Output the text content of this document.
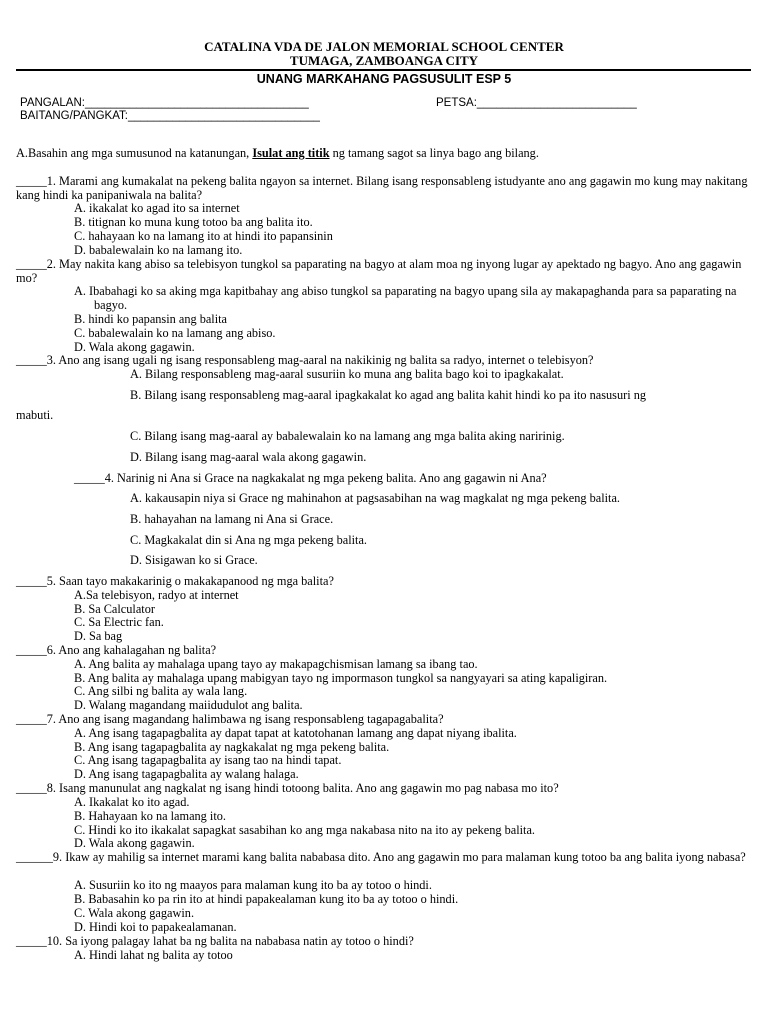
CATALINA VDA DE JALON MEMORIAL SCHOOL CENTER
TUMAGA, ZAMBOANGA CITY
UNANG MARKAHANG PAGSUSULIT ESP 5
PANGALAN:___________________________________	PETSA:_________________________
BAITANG/PANGKAT:______________________________
A.Basahin ang mga sumusunod na katanungan, Isulat ang titik ng tamang sagot sa linya bago ang bilang.
_____1. Marami ang kumakalat na pekeng balita ngayon sa internet. Bilang isang responsableng istudyante ano ang gagawin mo kung may nakitang kang hindi ka panipaniwala na balita?
A. ikakalat ko agad ito sa internet
B. titignan ko muna kung totoo ba ang balita ito.
C. hahayaan ko na lamang ito at hindi ito papansinin
D. babalewalain ko na lamang ito.
_____2. May nakita kang abiso sa telebisyon tungkol sa paparating na bagyo at alam moa ng inyong lugar ay apektado ng bagyo. Ano ang gagawin mo?
A. Ibabahagi ko sa aking mga kapitbahay ang abiso tungkol sa paparating na bagyo upang sila ay makapaghanda para sa paparating na bagyo.
B. hindi ko papansin ang balita
C. babalewalain ko na lamang ang abiso.
D. Wala akong gagawin.
_____3. Ano ang isang ugali ng isang responsableng mag-aaral na nakikinig ng balita sa radyo, internet o telebisyon?
A. Bilang responsableng mag-aaral susuriin ko muna ang balita bago koi to ipagkakalat.
B. Bilang isang responsableng mag-aaral ipagkakalat ko agad ang balita kahit hindi ko pa ito nasusuri ng
mabuti.
C. Bilang isang mag-aaral ay babalewalain ko na lamang ang mga balita aking naririnig.
D. Bilang isang mag-aaral wala akong gagawin.
_____4. Narinig ni Ana si Grace na nagkakalat ng mga pekeng balita. Ano ang gagawin ni Ana?
A. kakausapin niya si Grace ng mahinahon at pagsasabihan na wag magkalat ng mga pekeng balita.
B. hahayahan na lamang ni Ana si Grace.
C. Magkakalat din si Ana ng mga pekeng balita.
D. Sisigawan ko si Grace.
_____5. Saan tayo makakarinig o makakapanood ng mga balita?
A.Sa telebisyon, radyo at internet
B. Sa Calculator
C. Sa Electric fan.
D. Sa bag
_____6. Ano ang kahalagahan ng balita?
A. Ang balita ay mahalaga upang tayo ay makapagchismisan lamang sa ibang tao.
B. Ang balita ay mahalaga upang mabigyan tayo ng impormason tungkol sa nangyayari sa ating kapaligiran.
C. Ang silbi ng balita ay wala lang.
D. Walang magandang maiidudulot ang balita.
_____7. Ano ang isang magandang halimbawa ng isang responsableng tagapagabalita?
A. Ang isang tagapagbalita ay dapat tapat at katotohanan lamang ang dapat niyang ibalita.
B. Ang isang tagapagbalita ay nagkakalat ng mga pekeng balita.
C. Ang isang tagapagbalita ay isang tao na hindi tapat.
D. Ang isang tagapagbalita ay walang halaga.
_____8. Isang manunulat ang nagkalat ng isang hindi totoong balita. Ano ang gagawin mo pag nabasa mo ito?
A. Ikakalat ko ito agad.
B. Hahayaan ko na lamang ito.
C. Hindi ko ito ikakalat sapagkat sasabihan ko ang mga nakabasa nito na ito ay pekeng balita.
D. Wala akong gagawin.
______9. Ikaw ay mahilig sa internet marami kang balita nababasa dito. Ano ang gagawin mo para malaman kung totoo ba ang balita iyong nabasa?
A. Susuriin ko ito ng maayos para malaman kung ito ba ay totoo o hindi.
B. Babasahin ko pa rin ito at hindi papakealaman kung ito ba ay totoo o hindi.
C. Wala akong gagawin.
D. Hindi koi to papakealamanan.
_____10. Sa iyong palagay lahat ba ng balita na nababasa natin ay totoo o hindi?
A. Hindi lahat ng balita ay totoo
